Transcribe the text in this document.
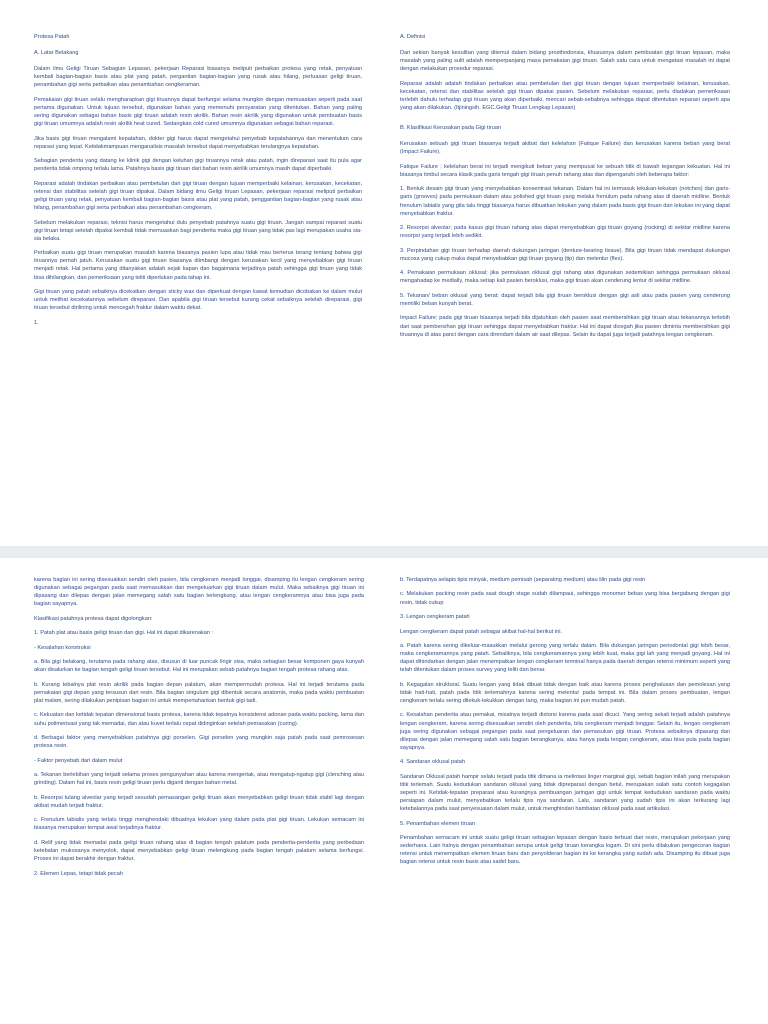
Protesa Patah

A. Latar Belakang

Dalam ilmu Geligi Tiruan Sebagian Lepasan, pekerjaan Reparasi biasanya meliputi perbaikan protesa yang retak, penyatuan kembali bagian-bagian basis atau plat yang patah, pergantian bagian-bagian yang rusak atau hilang, perluasan geligi tiruan, penambahan gigi serta perbaikan atau penambahan cengkeraman.

Pemakaian gigi tiruan selalu mengharapkan gigi tiruannya dapat berfungsi selama mungkin dengan memuaskan seperti pada saat pertama digunakan. Untuk tujuan tersebut, digunakan bahan yang memenuhi persyaratan yang ditentukan. Bahan yang paling sering digunakan sebagai bahan basis gigi tiruan adalah resin akrilik. Bahan resin akrilik yang digunakan untuk pembuatan basis gigi tiruan umumnya adalah resin akrilik heat cured. Sedangkan cold cured umumnya digunakan sebagai bahan reparasi.

Jika basis gigi tiruan mengalami kepatahan, dokter gigi harus dapat mengetahui penyebab kepatahannya dan menentukan cara reparasi yang tepat. Ketidakmampuan menganalisis masalah tersebut dapat menyebabkan terulangnya kepatahan.

Sebagian penderita yang datang ke klinik gigi dengan keluhan gigi tiruannya retak atau patah, ingin direparasi saat itu pula agar penderita tidak ompong terlalu lama. Patahnya basis gigi tiruan dari bahan resin akrilik umumnya masih dapat diperbaiki.

Reparasi adalah tindakan perbaikan atau pembetulan dari gigi tiruan dengan tujuan memperbaiki kelainan, kerusakan, kecekatan, retensi dan stabilitas setelah gigi tiruan dipakai. Dalam bidang ilmu Geligi tiruan Lepasan, pekerjaan reparasi meliputi perbaikan geligi tiruan yang retak, penyatuan kembali bagian-bagian basis atau plat yang patah, penggantian bagian-bagian yang rusak atau hilang, penambahan gigi serta perbaikan atau penambahan cengkeram.

Sebelum melakukan reparasi, teknisi harus mengetahui dulu penyebab patahnya suatu gigi tiruan. Jangan sampai reparasi suatu gigi tiruan tetapi setelah dipakai kembali tidak memuaskan bagi penderita maka gigi tiruan yang tidak pas lagi merupakan usaha sia-sia belaka.

Perbaikan suatu gigi tiruan merupakan masalah karena biasanya pasien lupa atau tidak mau berterus terang tentang bahwa gigi tiruannya pernah jatuh. Kerusakan suatu gigi tiruan biasanya diimbangi dengan kerusakan kecil yang menyebabkan gigi tiruan menjadi retak. Hal pertama yang ditanyakan adalah sejak kapan dan bagaimana terjadinya patah sehingga gigi tiruan yang tidak bisa dihilangkan, dan pemeriksaan yang teliti diperlukan pada tahap ini.

Gigi tiruan yang patah sebaiknya dicekatkan dengan sticky wax dan diperkuat dengan kawat kemudian dicobakan ke dalam mulut untuk melihat kecekatannya sebelum direparasi. Dan apabila gigi tiruan tersebut kurang cekat sebaiknya setelah direparasi, gigi tiruan tersebut dirilining untuk mencegah fraktur dalam waktu dekat.

1.

A. Definisi

Dari sekian banyak kesulitan yang ditemui dalam bidang prosthodonsia, khususnya dalam pembuatan gigi tiruan lepasan, maka masalah yang paling sulit adalah memperpanjang masa pemakaian gigi tiruan. Salah satu cara untuk mengatasi masalah ini dapat dengan melakukan prosedur reparasi.

Reparasi adalah adalah tindakan perbaikan atau pembetulan dari gigi tiruan dengan tujuan memperbaiki kelainan, kerusakan, kecekatan, retensi dan stabilitas setelah gigi tiruan dipakai pasien. Sebelum melakukan reparasi, perlu diadakan pemeriksaan terlebih dahulu terhadap gigi tiruan yang akan diperbaiki, mencari sebab-sebabnya sehingga dapat ditentukan reparasi seperti apa yang akan dilakukan. (Itjiningsih. EGC.Geligi Tiruan Lengkap Lepasan)

B. Klasifikasi Kerusakan pada Gigi tiruan

Kerusakan sebuah gigi tiruan biasanya terjadi akibat dari kelelahan (Fatique Failure) dan kerusakan karena beban yang berat (Impact Failure).

Fatique Failure ; kelelahan berat ini terjadi mengikuti beban yang mempusat ke sebuah titik di bawah tegangan kekuatan. Hal ini biasanya timbul secara klasik pada garis tengah gigi tiruan penuh rahang atas dan dipengaruhi oleh beberapa faktor:

1. Bentuk desain gigi tiruan yang menyebabkan konsentrasi tekanan. Dalam hal ini termasuk lekukan-lekukan (notches) dan garis-garis (grooves) pada permukaan dalam atau polished gigi tiruan yang melalui frenulum pada rahang atas di daerah midline. Bentuk frenulum labialis yang gita talu tinggi biasanya harus dibuatkan lekukan yang dalam pada basis gigi tiruan dan lekukan ini yang dapat menyebabkan fraktur.

2. Resorpsi alveolar; pada kasus gigi tiruan rahang atas dapat menyebabkan gigi tiruan goyang (rocking) di sekitar midline karena resorpsi yang terjadi lebih sedikit.

3. Perpindahan gigi tiruan terhadap daerah dukungan jaringan (denture-bearing tissue). Bila gigi tiruan tidak mendapat dukungan mucosa yang cukup maka dapat menyebabkan gigi tiruan goyang (tip) dan melentur (flex).

4. Pemakaian permukaan oklusal; jika permukaan oklusal gigi rahang atas digunakan sedemikian sehingga permukaan oklusal mengahadap ke medially, maka setiap kali pasien beroklusi, maka gigi tiruan akan cenderung lentur di sekitar midline.

5. Tekanan/ beban oklusal yang berat; dapat terjadi bila gigi tiruan beroklusi dengan gigi asli atau pada pasien yang cenderung memiliki beban kunyah berat.

Impact Failure; pada gigi tiruan biasanya terjadi bila dijatuhkan oleh pasien saat membersihkan gigi tiruan atau tekanannya terlebih dari saat pembersihan gigi tiruan sehingga dapat menyebabkan fraktur. Hal ini dapat dicegah jika pasien diminta membersihkan gigi tiruannya di atas panci dengan cara direndam dalam air saat dilepas. Selain itu dapat juga terjadi patahnya lengan cengkeram.

karena bagian ini sering disesuaikan sendiri oleh pasien, bila cengkeram menjadi longgar, disamping itu lengan cengkeram sering digunakan sebagai pegangan pada saat memasukkan dan mengeluarkan gigi tiruan dalam mulut. Maka sebaiknya gigi tiruan ini dipasang dan dilepas dengan jalan memegang salah satu bagian terlengkung, atau lengan cengkeramnya atau bisa juga pada bagian sayapnya.

Klasifikasi patahnya protesa dapat digolongkan:

1. Patah plat atau basis geligi tiruan dan gigi. Hal ini dapat dikarenakan :

- Kesalahan konstruksi

a. Bila gigi belakang, terutama pada rahang atas, disusun di luar puncak lingir sisa, maka sebagian besar komponen gaya kunyah akan disalurkan ke bagian tengah geligi tiruan tersebut. Hal ini merupakan sebab patahnya bagian tengah protesa rahang atas.

b. Kurang tebalnya plat resin akrilik pada bagian depan palatum, akan mempermudah protesa. Hal ini terjadi terutama pada pemakaian gigi depan yang tersusun dari resin. Bila bagian singulum gigi dibentuk secara anatomis, maka pada waktu pembuatan plat malam, sering dilakukan penipisan bagian ini untuk mempertahankan bentuk gigi tadi.

c. Kekuatan dan ketidak tepatan dimensional basis protesa, karena tidak tepatnya konsistensi adonan pada waktu packing, lama dan suhu polimerisasi yang tak memadai, dan atau kuvet terlalu cepat didinginkan setelah pemasakan (curing).

d. Berbagai faktor yang menyebabkan patahnya gigi porselen. Gigi porselen yang mungkin saja patah pada saat pemrosesan protesa resin.

- Faktor penyebab dari dalam mulut

a. Tekanan berlebihan yang terjadi selama proses pengunyahan atau karena mengertak, atau mengatup-ngatup gigi (clenching atau grinding). Dalam hal ini, basis resin geligi tiruan perlu diganti dengan bahan metal.

b. Resorpsi tulang alveolar yang terjadi sesudah pemasangan geligi tiruan akan menyebabkan geligi tiruan tidak stabil lagi dengan akibat mudah terjadi fraktur.

c. Frenulum labialis yang terlalu tinggi menghendaki dibuatnya lekukan yang dalam pada plat gigi tiruan. Lekukan semacam ini biasanya merupakan tempat awal terjadinya fraktur.

d. Relif yang tidak memadai pada geligi tiruan rahang atas di bagian tengah palatum pada penderita-penderita yang perbedaan ketebalan mukosanya menyolok, dapat menyebabkan geligi tiruan melengkung pada bagian tengah palatum selama berfungsi. Proses ini dapat berakhir dengan fraktur.

2. Elemen Lepas, tetapi tidak pecah

b. Terdapatnya selapis tipis minyak, medium pemisah (separating medium) atau lilin pada gigi resin

c. Melakukan packing resin pada saat dough stage sudah dilampaui, sehingga monomer bebas yang bisa bergabung dengan gigi resin, tidak cukup

3. Lengan cengkeram patah

Lengan cengkeram dapat patah sebagai akibat hal-hal berikut ini.

a. Patah karena sering dikeluar-masukkan melalui gerong yang terlalu dalam. Bila dukungan jaringan periodontal gigi lebih besar, maka cengkeramannya yang patah. Sebaliknya, bila cengkeramannya yang lebih kuat, maka gigi lah yang menjadi goyang. Hal ini dapat dihindarkan dengan jalan menempatkan lengan cengkeram terminal hanya pada daerah dengan retensi minimum seperti yang telah ditentukan dalam proses survey yang teliti dan benar.

b. Kegagalan struktural. Suatu lengan yang tidak dibuat tidak dengan baik atau karena proses penghalusan dan pemolesan yang tidak hati-hati, patah pada titik terlemahnya karena sering melentur pada tempat ini. Bila dalam proses pembuatan, lengan cengkeram terlalu sering dilekuk-lekukkan dengan tang, maka bagian ini pun mudah patah.

c. Kesalahan penderita atau pemakai, misalnya terjadi distorsi karena pada saat dicuci. Yang sering sekali terjadi adalah patahnya lengan cengkeram, karena sering disesuaikan sendiri oleh penderita, bila cengkeram menjadi longgar. Selain itu, lengan cengkeram juga sering digunakan sebagai pegangan pada saat pengeluaran dan pemasukan gigi tiruan. Protesa sebaiknya dipasang dan dilepas dengan jalan memegang salah satu bagian berangkanya, atau hanya pada lengan cengkeram, atau bisa pula pada bagian sayapnya.

4. Sandaran oklusal patah

Sandaran Oklusal patah hampir selalu terjadi pada titik dimana ia melintasi linger marginal gigi, sebab bagian inilah yang merupakan titik terlemah. Suatu kedudukan sandaran oklusal yang tidak dipreparasi dengan betul, merupakan salah satu contoh kegagalan seperti ini. Ketidak-tepatan preparasi atau kurangnya pembuangan jaringan gigi untuk tempat kedudukan sandaran pada waktu persiapan dalam mulut, menyebabkan terlalu tipis nya sandaran. Lalu, sandaran yang sudah tipis ini akan terkurang lagi ketebalannya pada saat penyesuaian dalam mulut, untuk menghindari hambatan oklusal pada saat artikulasi.

5. Penambahan elemen tiruan

Penambahan semacam ini untuk suatu geligi tiruan sebagian lepasan dengan basis terbuat dari resin, merupakan pekerjaan yang sederhana. Lain halnya dengan penambahan serupa untuk geligi tiruan kerangka logam. Di sini perlu dilakukan pengecoran bagian retensi untuk menempatkan elemen tiruan baru dan penyolderan bagian ini ke kerangka yang sudah ada. Disamping itu dibuat juga bagian retensi untuk resin basis atau sadel baru.
